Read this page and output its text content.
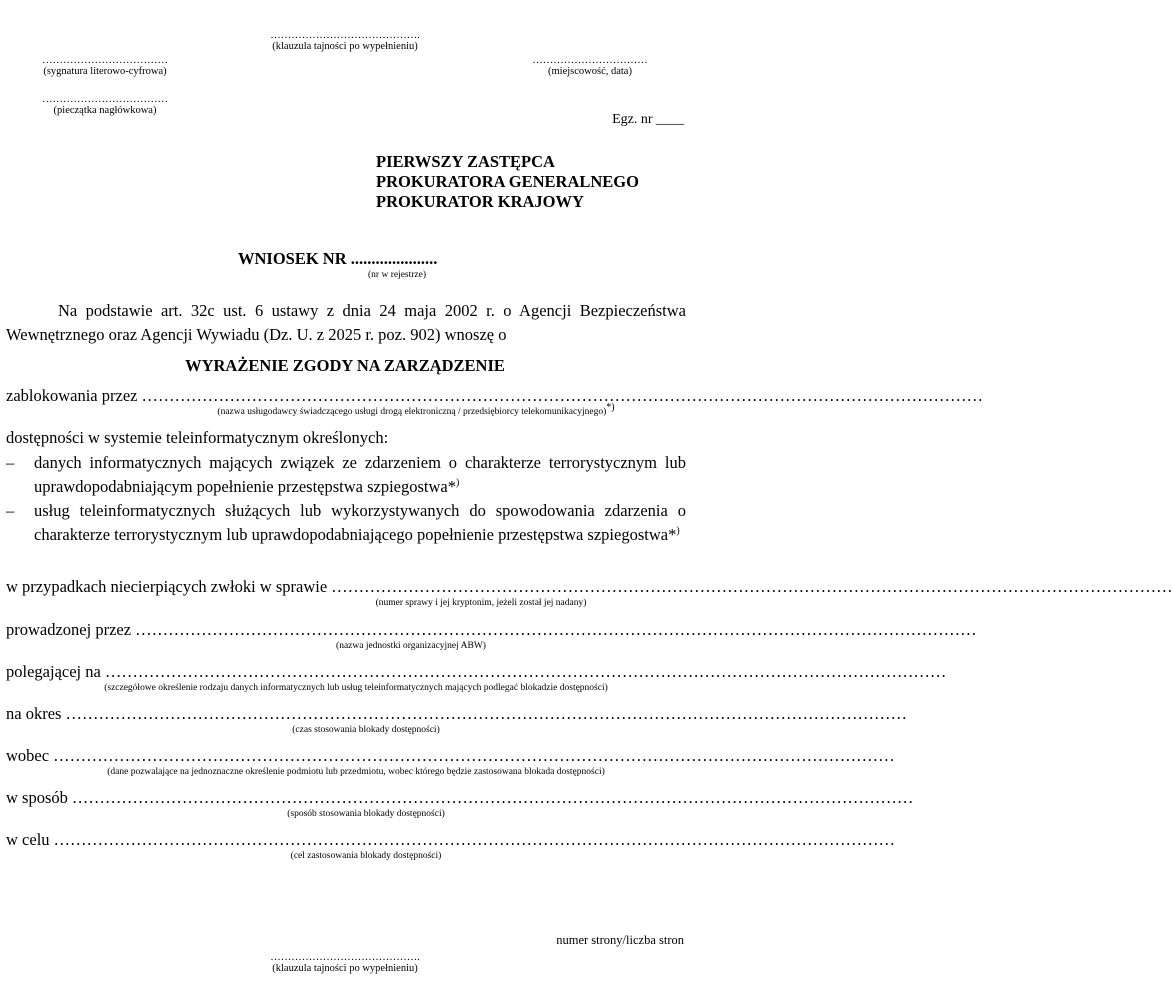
…………………………………….
(klauzula tajności po wypełnieniu)
………………………………
(sygnatura literowo-cyfrowa)
……………………………
(miejscowość, data)
………………………………
(pieczątka nagłówkowa)
Egz. nr ____
PIERWSZY ZASTĘPCA
PROKURATORA GENERALNEGO
PROKURATOR KRAJOWY
WNIOSEK NR .....................
(nr w rejestrze)
Na podstawie art. 32c ust. 6 ustawy z dnia 24 maja 2002 r. o Agencji Bezpieczeństwa Wewnętrznego oraz Agencji Wywiadu (Dz. U. z 2025 r. poz. 902) wnoszę o
WYRAŻENIE ZGODY NA ZARZĄDZENIE
zablokowania przez ………………………………………………………………………………………………………………………………………
(nazwa usługodawcy świadczącego usługi drogą elektroniczną / przedsiębiorcy telekomunikacyjnego)*)
dostępności w systemie teleinformatycznym określonych:
– danych informatycznych mających związek ze zdarzeniem o charakterze terrorystycznym lub uprawdopodabniającym popełnienie przestępstwa szpiegostwa*)
– usług teleinformatycznych służących lub wykorzystywanych do spowodowania zdarzenia o charakterze terrorystycznym lub uprawdopodabniającego popełnienie przestępstwa szpiegostwa*)
w przypadkach niecierpiących zwłoki w sprawie ………………………………………………………………………………………………………………………………………
(numer sprawy i jej kryptonim, jeżeli został jej nadany)
prowadzonej przez ………………………………………………………………………………………………………………………………………
(nazwa jednostki organizacyjnej ABW)
polegającej na ………………………………………………………………………………………………………………………………………
(szczegółowe określenie rodzaju danych informatycznych lub usług teleinformatycznych mających podlegać blokadzie dostępności)
na okres ………………………………………………………………………………………………………………………………………
(czas stosowania blokady dostępności)
wobec ………………………………………………………………………………………………………………………………………
(dane pozwalające na jednoznaczne określenie podmiotu lub przedmiotu, wobec którego będzie zastosowana blokada dostępności)
w sposób ………………………………………………………………………………………………………………………………………
(sposób stosowania blokady dostępności)
w celu ………………………………………………………………………………………………………………………………………
(cel zastosowania blokady dostępności)
numer strony/liczba stron
…………………………………….
(klauzula tajności po wypełnieniu)
